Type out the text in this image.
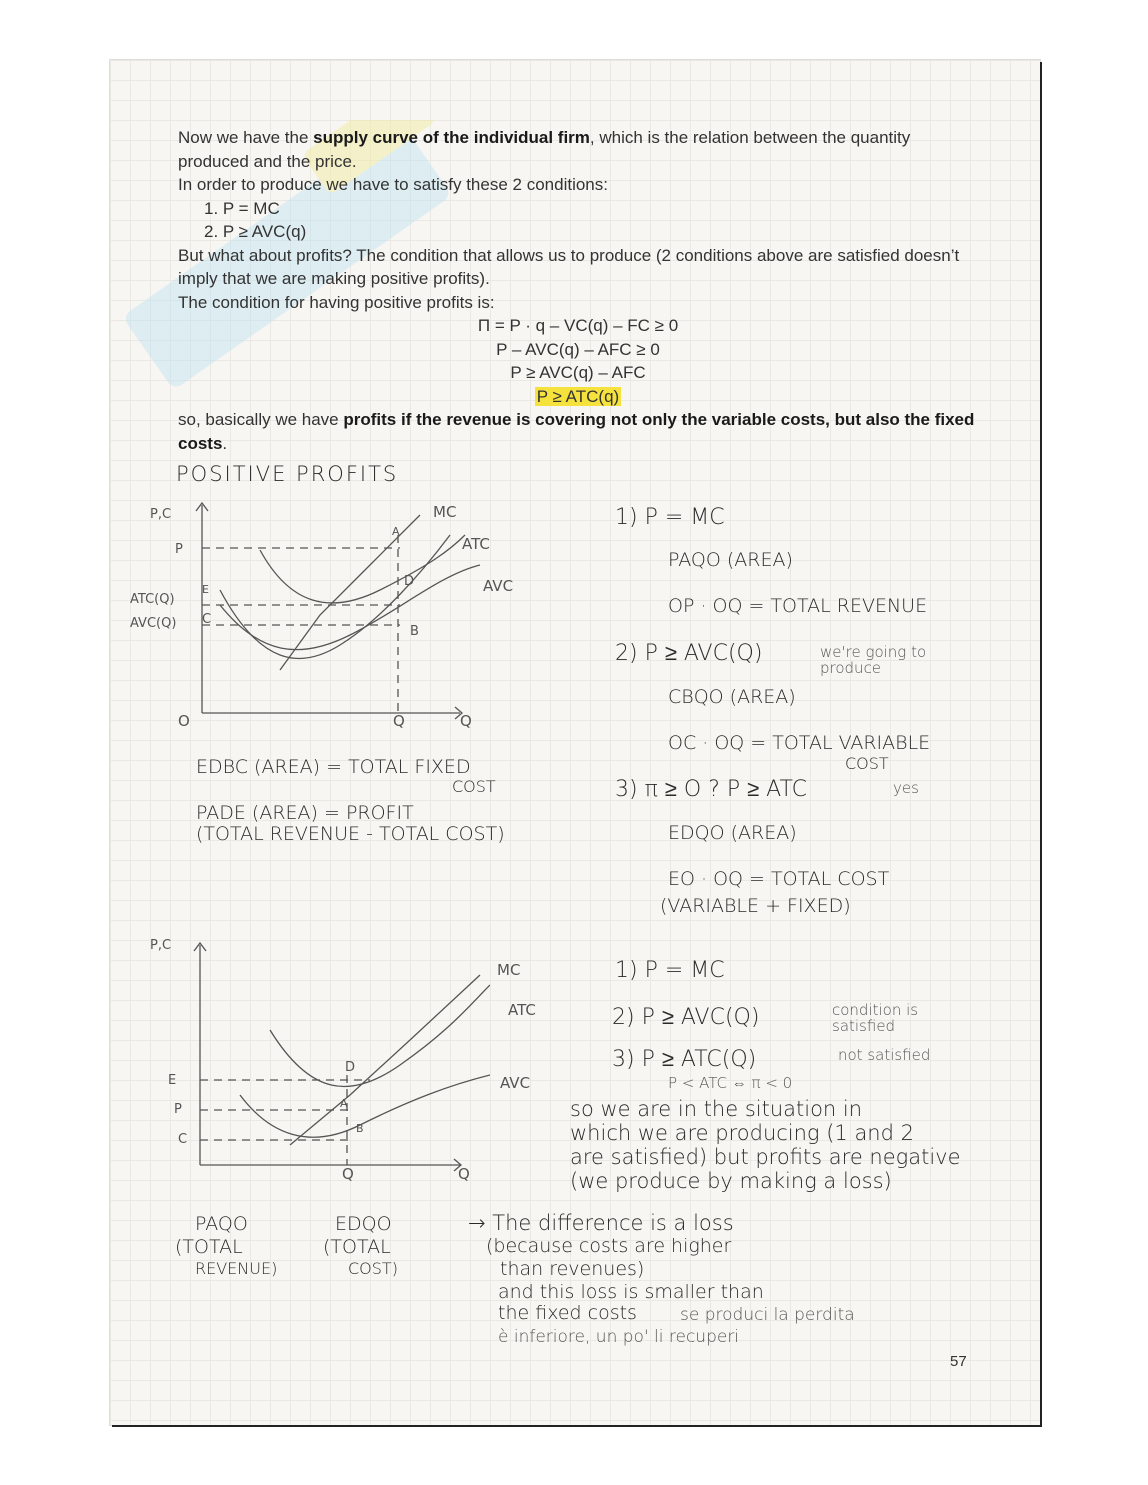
Now we have the supply curve of the individual firm, which is the relation between the quantity produced and the price.

In order to produce we have to satisfy these 2 conditions:

1. P = MC
2. P ≥ AVC(q)

But what about profits? The condition that allows us to produce (2 conditions above are satisfied doesn’t imply that we are making positive profits).

The condition for having positive profits is:

Π = P · q – VC(q) – FC ≥ 0
P – AVC(q) – AFC ≥ 0
P ≥ AVC(q) – AFC
P ≥ ATC(q)

so, basically we have profits if the revenue is covering not only the variable costs, but also the fixed costs.

POSITIVE PROFITS
P,C
P
ATC(Q)
AVC(Q)
E
C
A
D
B
O	Q	Q
MC
ATC
AVC
EDBC (AREA) = TOTAL FIXED
COST
PADE (AREA) = PROFIT
(TOTAL REVENUE - TOTAL COST)
1) P = MC
PAQO (AREA)
OP · OQ = TOTAL REVENUE
2) P ≥ AVC(Q)	we're going to produce
CBQO (AREA)
OC · OQ = TOTAL VARIABLE
COST
3) π ≥ O ? P ≥ ATC	yes
EDQO (AREA)
EO · OQ = TOTAL COST
(VARIABLE + FIXED)
P,C
E
P
C
D
A
B
Q	Q
MC
ATC
AVC
1) P = MC
2) P ≥ AVC(Q)	condition is satisfied
3) P ≥ ATC(Q)	not satisfied
P < ATC ⇔ π < 0
so we are in the situation in
which we are producing (1 and 2
are satisfied) but profits are negative
(we produce by making a loss)
PAQO
(TOTAL
REVENUE)
EDQO
(TOTAL
COST)
→ The difference is a loss
(because costs are higher
than revenues)
and this loss is smaller than
the fixed costs	se produci la perdita
è inferiore, un po' li recuperi
57
